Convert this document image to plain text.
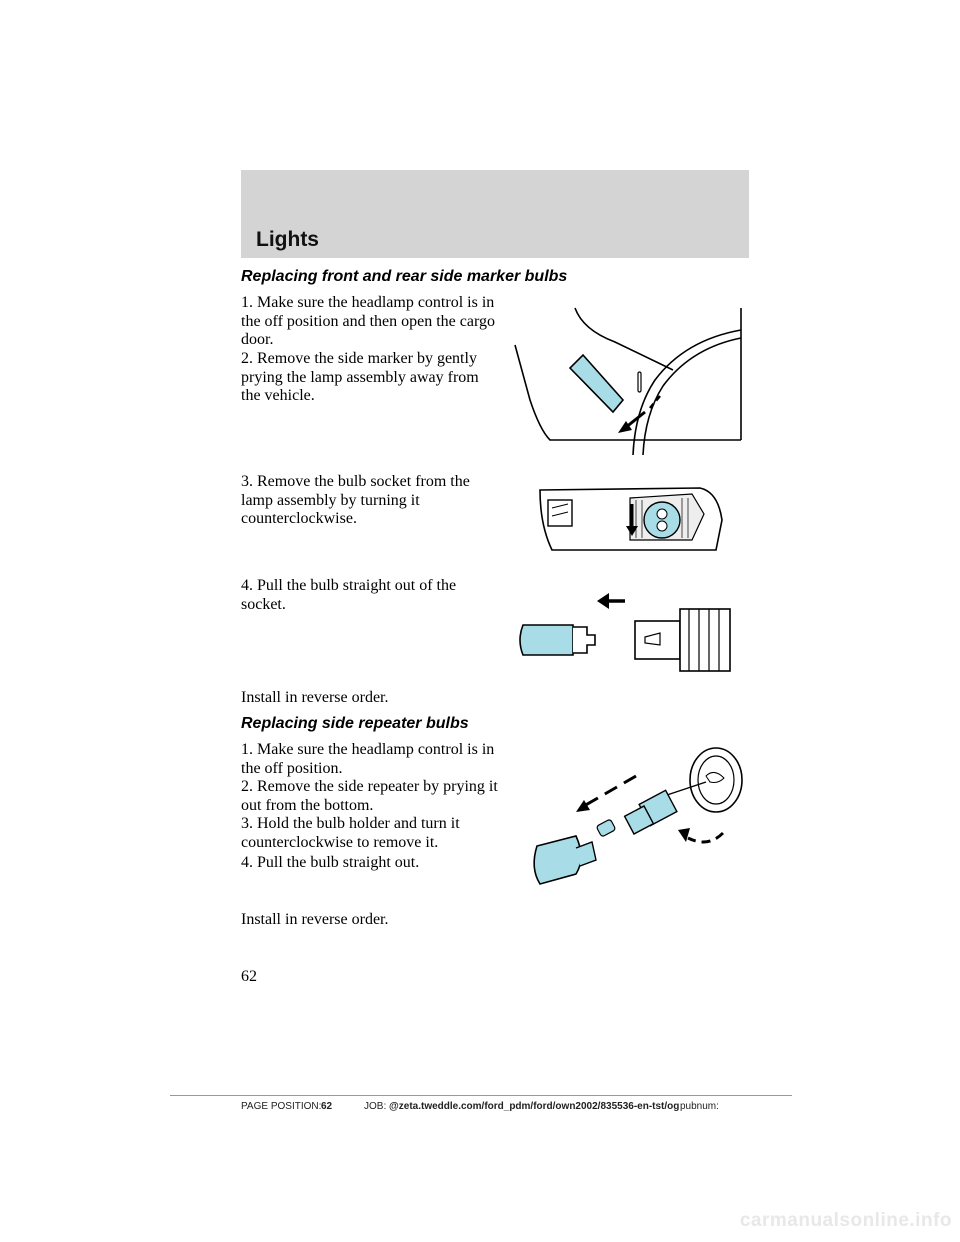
Lights
Replacing front and rear side marker bulbs
1. Make sure the headlamp control is in the off position and then open the cargo door.
2. Remove the side marker by gently prying the lamp assembly away from the vehicle.
3. Remove the bulb socket from the lamp assembly by turning it counterclockwise.
4. Pull the bulb straight out of the socket.
Install in reverse order.
Replacing side repeater bulbs
1. Make sure the headlamp control is in the off position.
2. Remove the side repeater by prying it out from the bottom.
3. Hold the bulb holder and turn it counterclockwise to remove it.
4. Pull the bulb straight out.
Install in reverse order.
62
PAGE POSITION: 62	JOB: @zeta.tweddle.com/ford_pdm/ford/own2002/835536-en-tst/og pubnum:
carmanualsonline.info
